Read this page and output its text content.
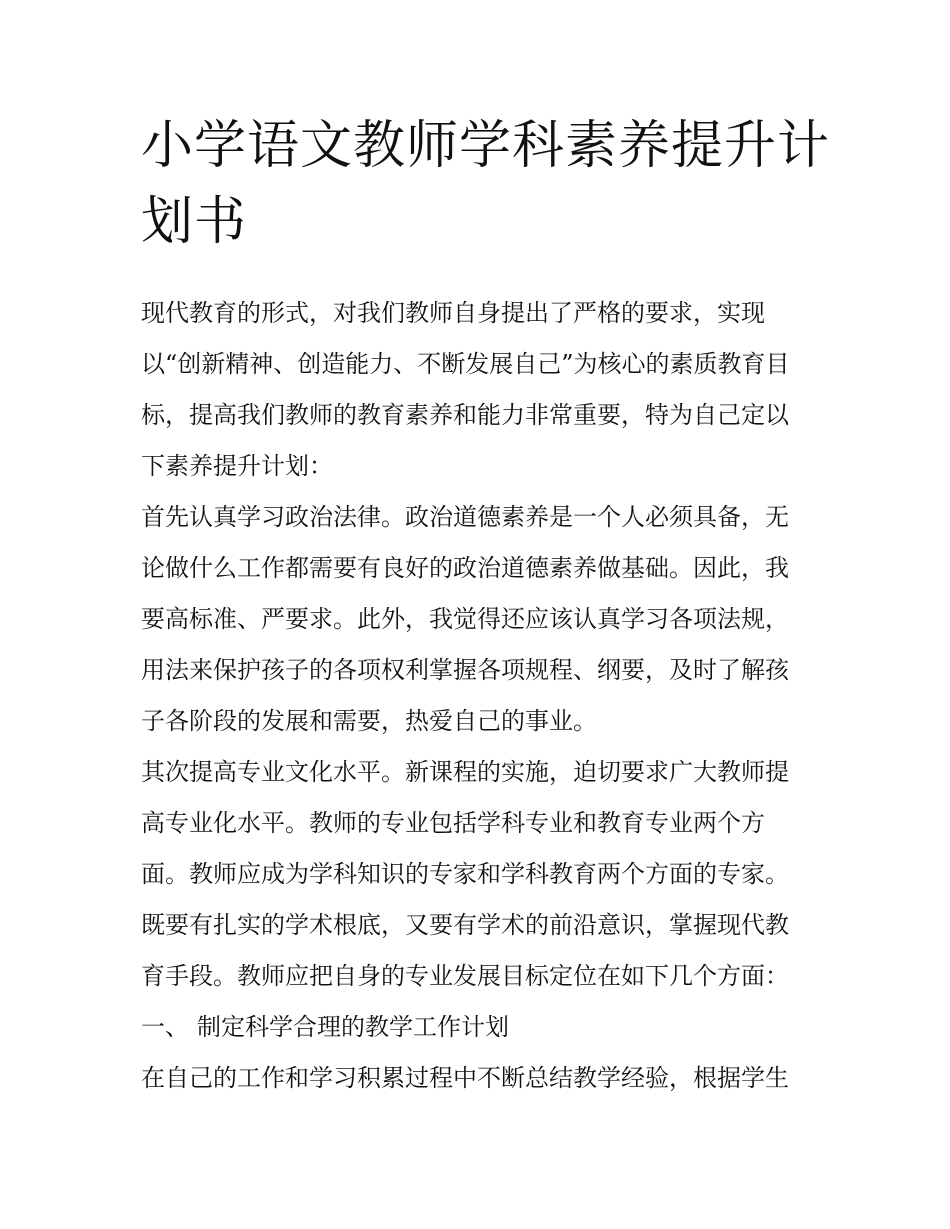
小学语文教师学科素养提升计
划书
现代教育的形式，对我们教师自身提出了严格的要求，实现
以“创新精神、创造能力、不断发展自己”为核心的素质教育目
标，提高我们教师的教育素养和能力非常重要，特为自己定以
下素养提升计划：
首先认真学习政治法律。政治道德素养是一个人必须具备，无
论做什么工作都需要有良好的政治道德素养做基础。因此，我
要高标准、严要求。此外，我觉得还应该认真学习各项法规，
用法来保护孩子的各项权利掌握各项规程、纲要，及时了解孩
子各阶段的发展和需要，热爱自己的事业。
其次提高专业文化水平。新课程的实施，迫切要求广大教师提
高专业化水平。教师的专业包括学科专业和教育专业两个方
面。教师应成为学科知识的专家和学科教育两个方面的专家。
既要有扎实的学术根底，又要有学术的前沿意识，掌握现代教
育手段。教师应把自身的专业发展目标定位在如下几个方面：
一、 制定科学合理的教学工作计划
在自己的工作和学习积累过程中不断总结教学经验，根据学生
